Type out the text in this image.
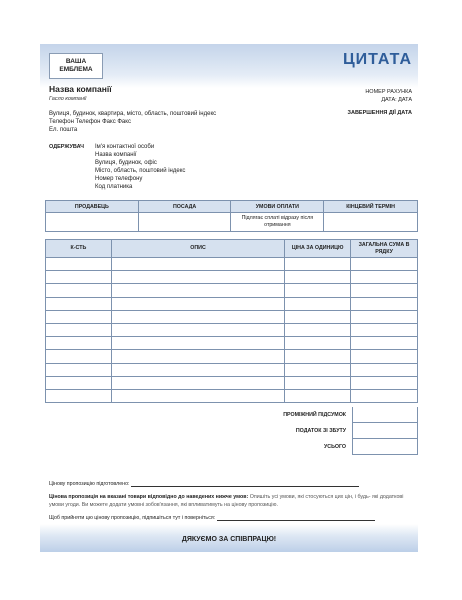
ВАША ЕМБЛЕМА
ЦИТАТА
Назва компанії
Гасло компанії
НОМЕР РАХУНКА
ДАТА: ДАТА
Вулиця, будинок, квартира, місто, область, поштовий індекс
Телефон Телефон Факс Факс
Ел. пошта
ЗАВЕРШЕННЯ ДІЇ ДАТА
ОДЕРЖУВАЧ Ім'я контактної особи
Назва компанії
Вулиця, будинок, офіс
Місто, область, поштовий індекс
Номер телефону
Код платника
ПРОДАВЕЦЬ	ПОСАДА	УМОВИ ОПЛАТИ	КІНЦЕВИЙ ТЕРМІН
		Підлягає сплаті відразу після отримання	
К-СТЬ	ОПИС	ЦІНА ЗА ОДИНИЦЮ	ЗАГАЛЬНА СУМА В РЯДКУ

ПРОМІЖНИЙ ПІДСУМОК
ПОДАТОК ЗІ ЗБУТУ
УСЬОГО
Цінову пропозицію підготовлено:
Цінова пропозиція на вказані товари відповідно до наведених нижче умов: Опишіть усі умови, які стосуються цих цін, і будь- які додаткові умови угоди. Ви можете додати умовні зобов'язання, які впливатимуть на цінову пропозицію.
Щоб прийняти цю цінову пропозицію, підпишіться тут і поверніться:
ДЯКУЄМО ЗА СПІВПРАЦЮ!
